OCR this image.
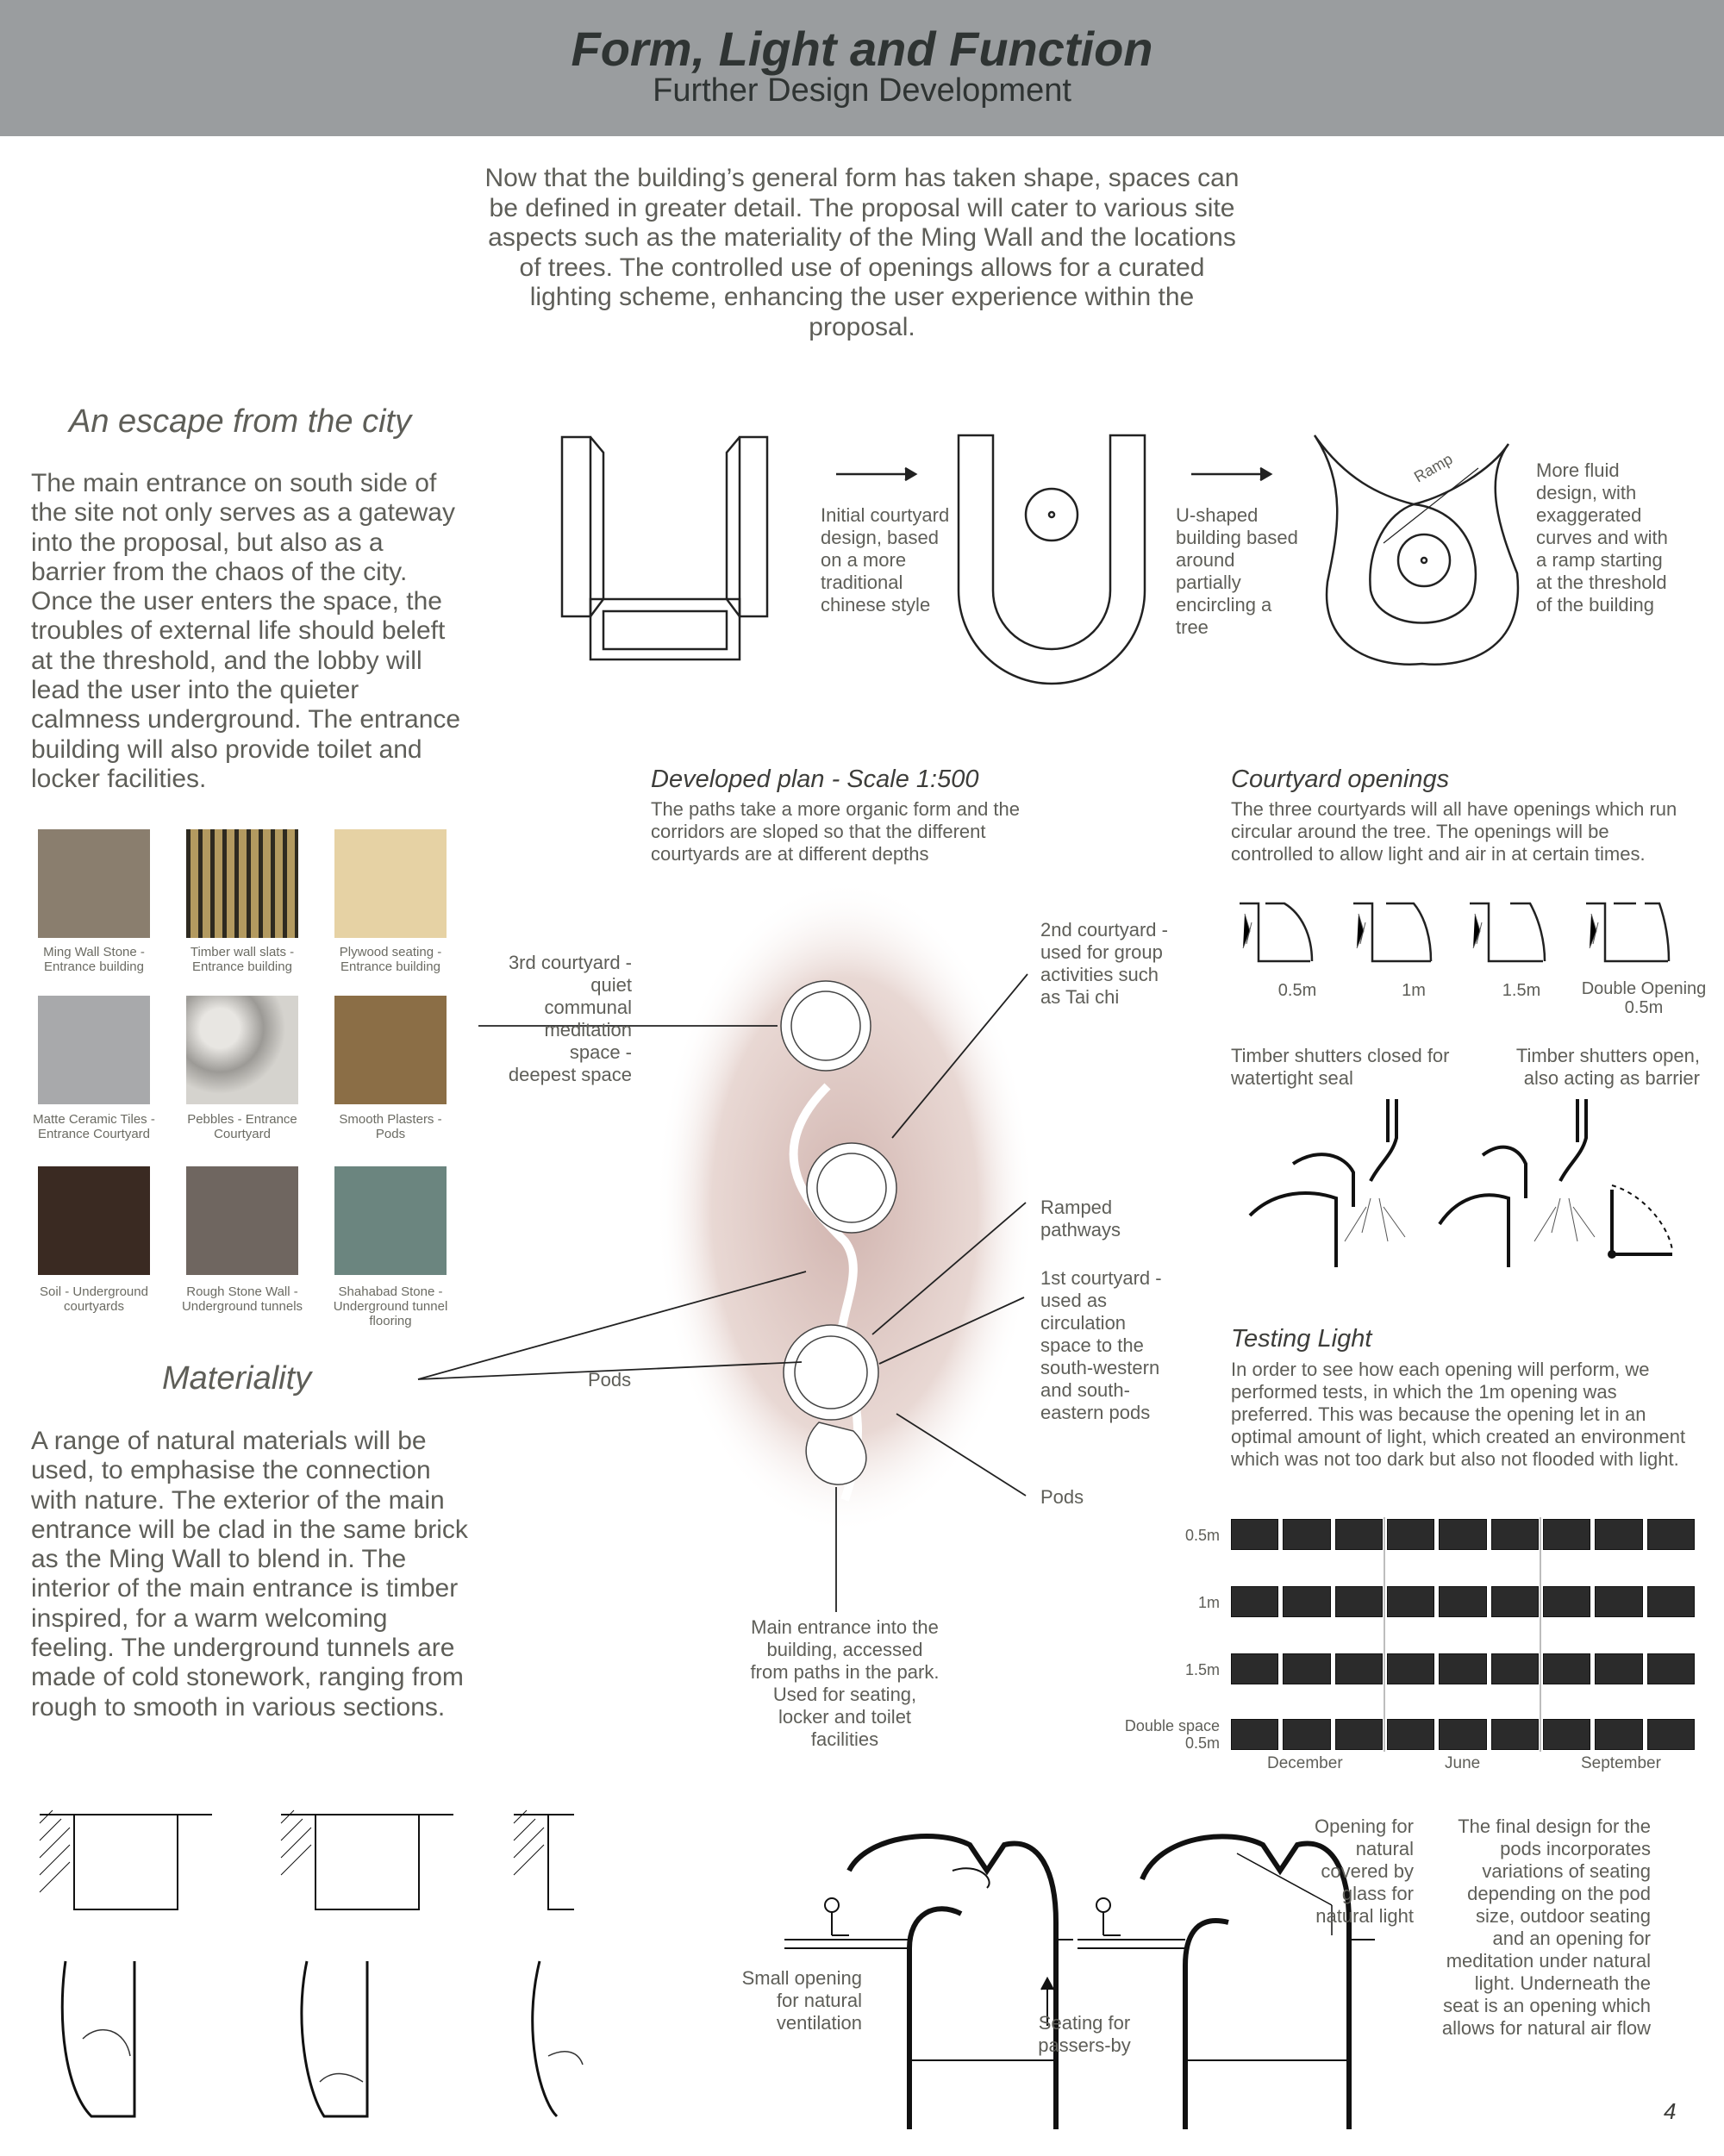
Form, Light and Function
Further Design Development
Now that the building’s general form has taken shape, spaces can be defined in greater detail. The proposal will cater to various site aspects such as the materiality of the Ming Wall and the locations of trees. The controlled use of openings allows for a curated lighting scheme, enhancing the user experience within the proposal.
An escape from the city
The main entrance on south side of the site not only serves as a gateway into the proposal, but also as a barrier from the chaos of the city. Once the user enters the space, the troubles of external life should beleft at the threshold, and the lobby will lead the user into the quieter calmness underground. The entrance building will also provide toilet and locker facilities.
Ramp
Initial courtyard design, based on a more traditional chinese style
U-shaped building based around partially encircling a tree
More fluid design, with exaggerated curves and with a ramp starting at the threshold of the building
Ming Wall Stone - Entrance building
Timber wall slats - Entrance building
Plywood seating - Entrance building
Matte Ceramic Tiles - Entrance Courtyard
Pebbles - Entrance Courtyard
Smooth Plasters - Pods
Soil - Underground courtyards
Rough Stone Wall - Underground tunnels
Shahabad Stone - Underground tunnel flooring
Materiality
A range of natural materials will be used, to emphasise the connection with nature. The exterior of the main entrance will be clad in the same brick as the Ming Wall to blend in. The interior of the main entrance is timber inspired, for a warm welcoming feeling. The underground tunnels are made of cold stonework, ranging from rough to smooth in various sections.
Developed plan - Scale 1:500
The paths take a more organic form and the corridors are sloped so that the different courtyards are at different depths
3rd courtyard - quiet communal meditation space - deepest space
2nd courtyard - used for group activities such as Tai chi
Ramped pathways
1st courtyard - used as circulation space to the south-western and south-eastern pods
Pods
Pods
Main entrance into the building, accessed from paths in the park. Used for seating, locker and toilet facilities
Courtyard openings
The three courtyards will all have openings which run circular around the tree. The openings will be controlled to allow light and air in at certain times.
0.5m	1m	1.5m	Double Opening 0.5m
Timber shutters closed for watertight seal
Timber shutters open, also acting as barrier
Testing Light
In order to see how each opening will perform, we performed tests, in which the 1m opening was preferred. This was because the opening let in an optimal amount of light, which created an environment which was not too dark but also not flooded with light.
0.5m
1m
1.5m
Double space 0.5m
December	June	September
Small opening for natural ventilation	Seating for passers-by
Opening for natural covered by glass for natural light
The final design for the pods incorporates variations of seating depending on the pod size, outdoor seating and an opening for meditation under natural light. Underneath the seat is an opening which allows for natural air flow
4
